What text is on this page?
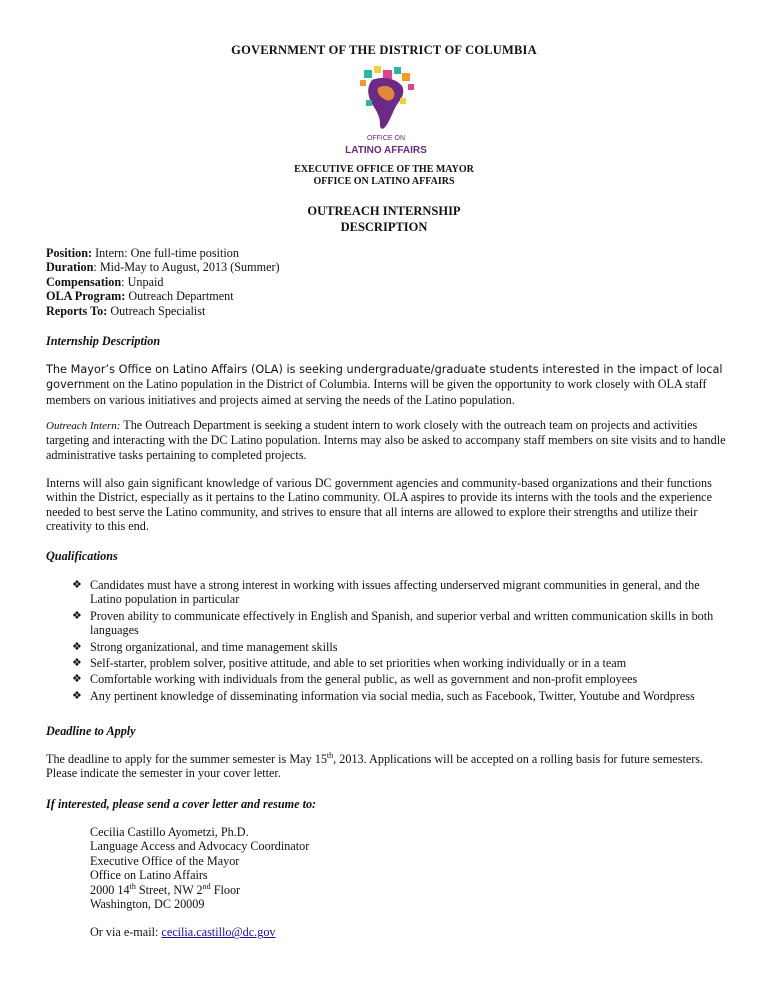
GOVERNMENT OF THE DISTRICT OF COLUMBIA
OFFICE ON
LATINO AFFAIRS
EXECUTIVE OFFICE OF THE MAYOR
OFFICE ON LATINO AFFAIRS
OUTREACH INTERNSHIP
DESCRIPTION
Position: Intern: One full-time position
Duration: Mid-May to August, 2013 (Summer)
Compensation: Unpaid
OLA Program: Outreach Department
Reports To: Outreach Specialist
Internship Description
The Mayor’s Office on Latino Affairs (OLA) is seeking undergraduate/graduate students interested in the impact of local government on the Latino population in the District of Columbia. Interns will be given the opportunity to work closely with OLA staff members on various initiatives and projects aimed at serving the needs of the Latino population.
Outreach Intern: The Outreach Department is seeking a student intern to work closely with the outreach team on projects and activities targeting and interacting with the DC Latino population. Interns may also be asked to accompany staff members on site visits and to handle administrative tasks pertaining to completed projects.
Interns will also gain significant knowledge of various DC government agencies and community-based organizations and their functions within the District, especially as it pertains to the Latino community. OLA aspires to provide its interns with the tools and the experience needed to best serve the Latino community, and strives to ensure that all interns are allowed to explore their strengths and utilize their creativity to this end.
Qualifications
❖ Candidates must have a strong interest in working with issues affecting underserved migrant communities in general, and the Latino population in particular
❖ Proven ability to communicate effectively in English and Spanish, and superior verbal and written communication skills in both languages
❖ Strong organizational, and time management skills
❖ Self-starter, problem solver, positive attitude, and able to set priorities when working individually or in a team
❖ Comfortable working with individuals from the general public, as well as government and non-profit employees
❖ Any pertinent knowledge of disseminating information via social media, such as Facebook, Twitter, Youtube and Wordpress
Deadline to Apply
The deadline to apply for the summer semester is May 15th, 2013. Applications will be accepted on a rolling basis for future semesters. Please indicate the semester in your cover letter.
If interested, please send a cover letter and resume to:
Cecilia Castillo Ayometzi, Ph.D.
Language Access and Advocacy Coordinator
Executive Office of the Mayor
Office on Latino Affairs
2000 14th Street, NW 2nd Floor
Washington, DC 20009
Or via e-mail: cecilia.castillo@dc.gov
